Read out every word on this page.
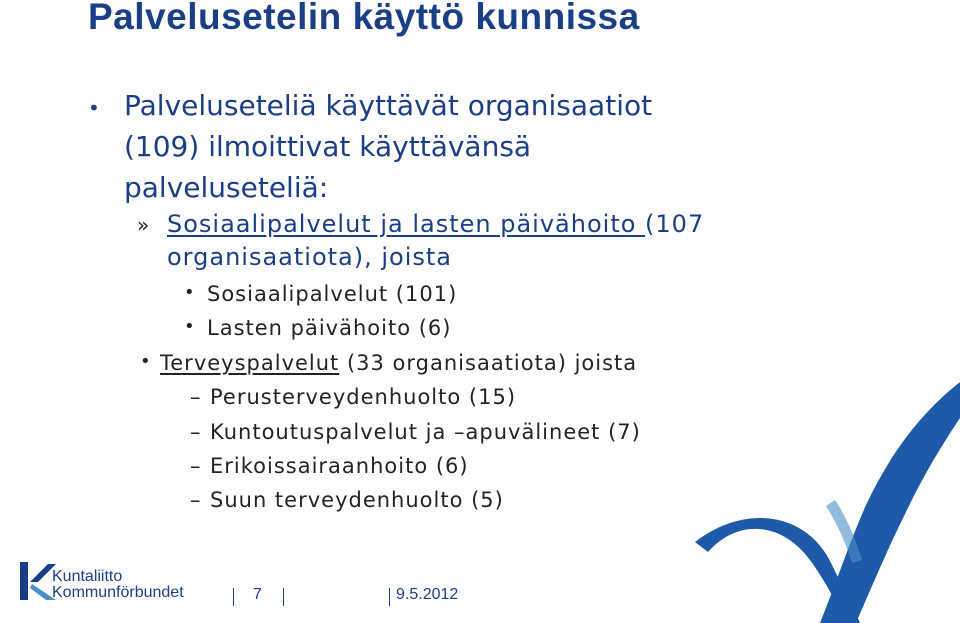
Palvelusetelin käyttö kunnissa
• Palveluseteliä käyttävät organisaatiot
(109) ilmoittivat käyttävänsä
palveluseteliä:
» Sosiaalipalvelut ja lasten päivähoito (107
organisaatiota), joista
• Sosiaalipalvelut (101)
• Lasten päivähoito (6)
• Terveyspalvelut (33 organisaatiota) joista
– Perusterveydenhuolto (15)
– Kuntoutuspalvelut ja –apuvälineet (7)
– Erikoissairaanhoito (6)
– Suun terveydenhuolto (5)
Kuntaliitto
Kommunförbundet	7	9.5.2012
